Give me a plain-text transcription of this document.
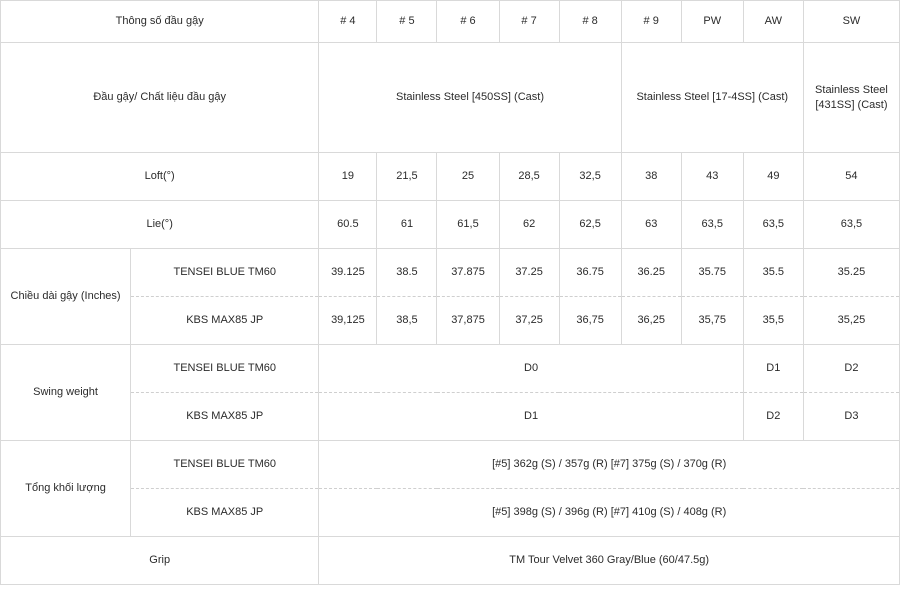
Thông số đầu gậy		# 4	# 5	# 6	# 7	# 8	# 9	PW	AW	SW
Đầu gậy/ Chất liệu đầu gậy		Stainless Steel [450SS] (Cast)					Stainless Steel [17-4SS] (Cast)			Stainless Steel [431SS] (Cast)
Loft(°)		19	21,5	25	28,5	32,5	38	43	49	54
Lie(°)		60.5	61	61,5	62	62,5	63	63,5	63,5	63,5
Chiều dài gậy (Inches)	TENSEI BLUE TM60	39.125	38.5	37.875	37.25	36.75	36.25	35.75	35.5	35.25
	KBS MAX85 JP	39,125	38,5	37,875	37,25	36,75	36,25	35,75	35,5	35,25
Swing weight	TENSEI BLUE TM60	D0							D1	D2
	KBS MAX85 JP	D1							D2	D3
Tổng khối lượng	TENSEI BLUE TM60	[#5] 362g (S) / 357g (R) [#7] 375g (S) / 370g (R)								
	KBS MAX85 JP	[#5] 398g (S) / 396g (R) [#7] 410g (S) / 408g (R)								
Grip		TM Tour Velvet 360 Gray/Blue (60/47.5g)								
